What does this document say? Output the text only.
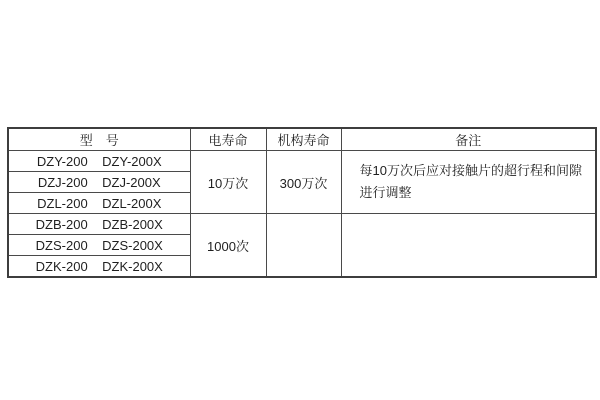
型　号	电寿命	机构寿命	备注
DZY-200    DZY-200X	10万次	300万次	每10万次后应对接触片的超行程和间隙
进行调整

DZJ-200    DZJ-200X			
DZL-200    DZL-200X			
DZB-200    DZB-200X	1000次		

DZS-200    DZS-200X			
DZK-200    DZK-200X			
